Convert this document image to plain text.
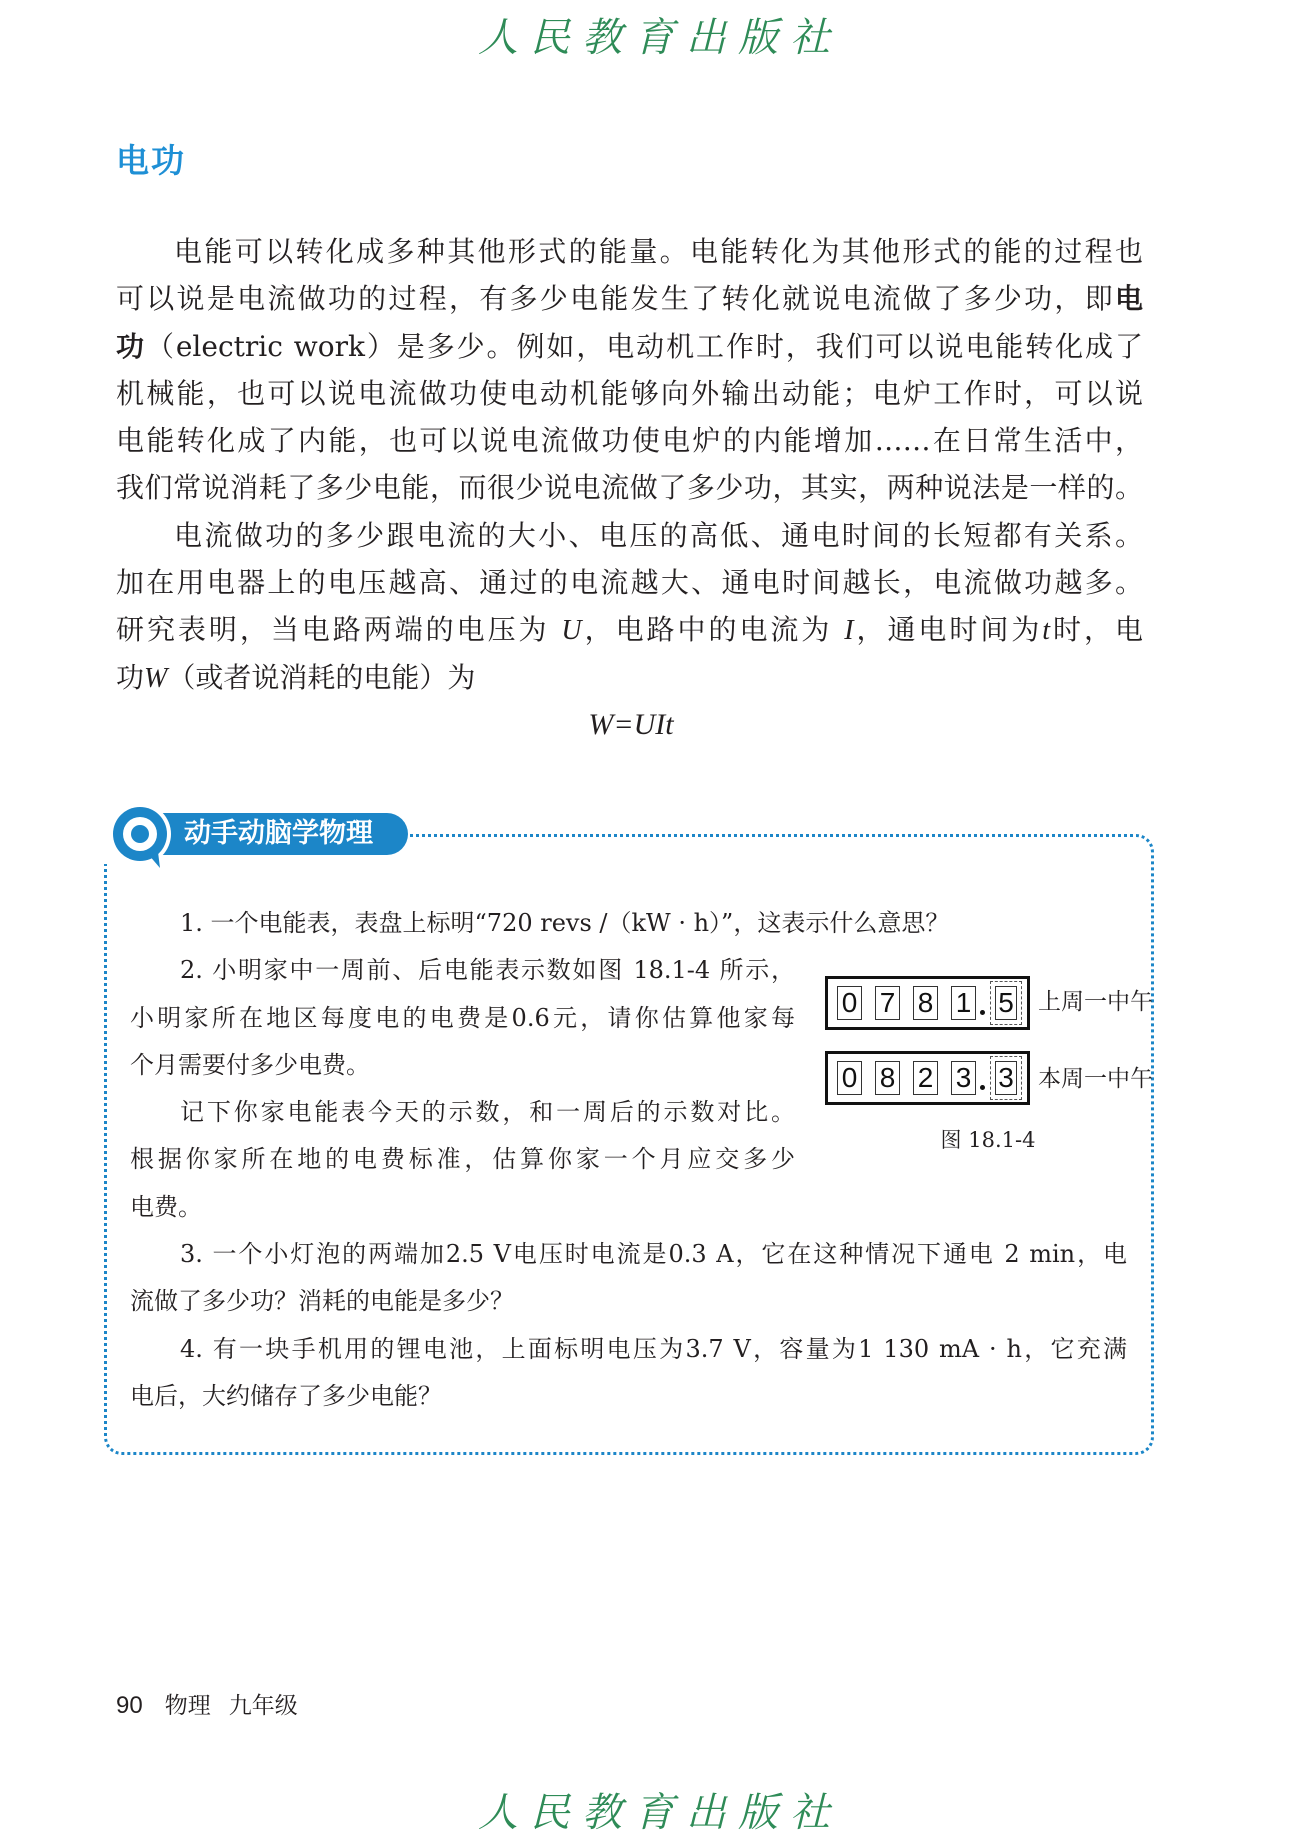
人民教育出版社
电功
电能可以转化成多种其他形式的能量。电能转化为其他形式的能的过程也
可以说是电流做功的过程，有多少电能发生了转化就说电流做了多少功，即电
功（electric work）是多少。例如，电动机工作时，我们可以说电能转化成了
机械能，也可以说电流做功使电动机能够向外输出动能；电炉工作时，可以说
电能转化成了内能，也可以说电流做功使电炉的内能增加……在日常生活中，
我们常说消耗了多少电能，而很少说电流做了多少功，其实，两种说法是一样的。
电流做功的多少跟电流的大小、电压的高低、通电时间的长短都有关系。
加在用电器上的电压越高、通过的电流越大、通电时间越长，电流做功越多。
研究表明，当电路两端的电压为 U，电路中的电流为 I，通电时间为t时，电
功W（或者说消耗的电能）为
W=UIt
动手动脑学物理
1. 一个电能表，表盘上标明“720 revs /（kW · h）”，这表示什么意思？
2. 小明家中一周前、后电能表示数如图 18.1-4 所示，
小明家所在地区每度电的电费是0.6元，请你估算他家每
个月需要付多少电费。
记下你家电能表今天的示数，和一周后的示数对比。
根据你家所在地的电费标准，估算你家一个月应交多少
电费。
3. 一个小灯泡的两端加2.5 V电压时电流是0.3 A，它在这种情况下通电 2 min，电
流做了多少功？消耗的电能是多少？
4. 有一块手机用的锂电池，上面标明电压为3.7 V，容量为1 130 mA · h，它充满
电后，大约储存了多少电能？
0 7 8 1 5 上周一中午
0 8 2 3 3 本周一中午
图 18.1-4
90 物理 九年级
人民教育出版社
